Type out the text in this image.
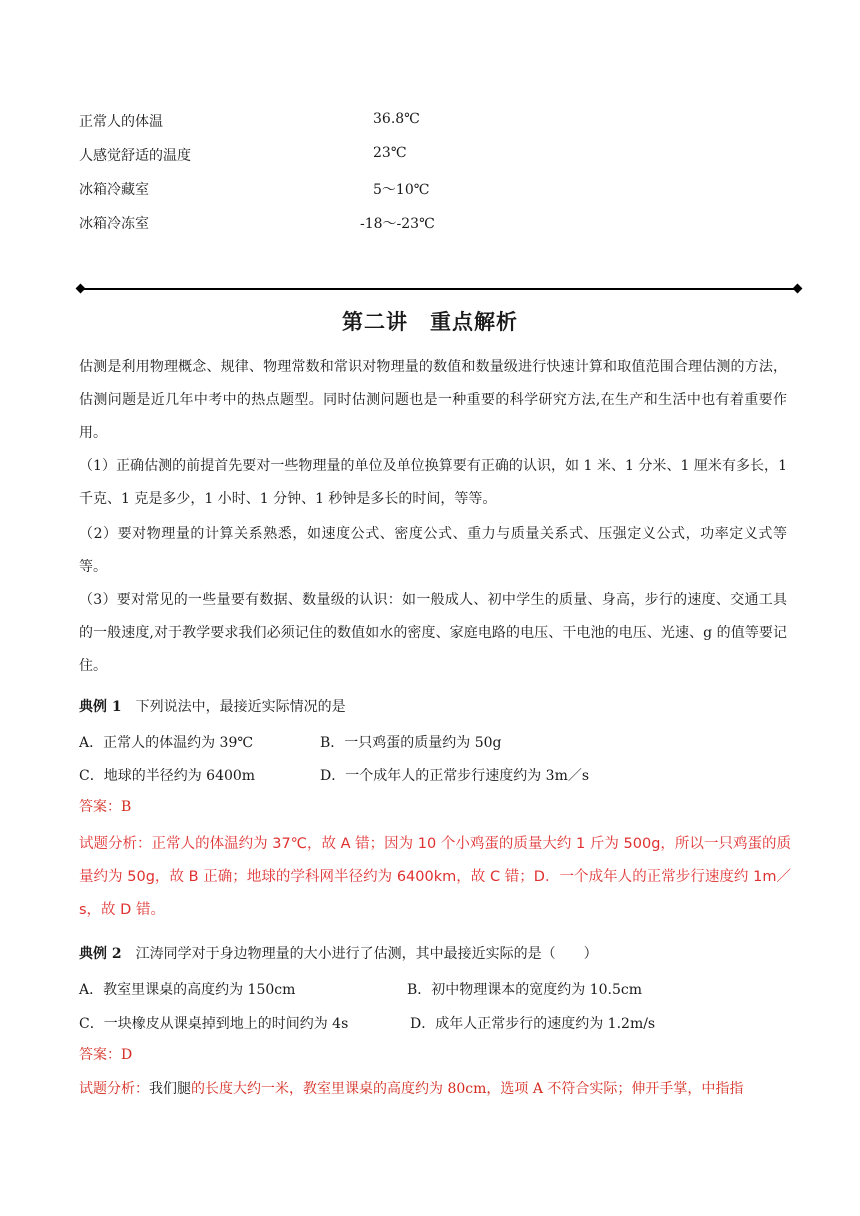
正常人的体温	36.8℃
人感觉舒适的温度	23℃
冰箱冷藏室	5～10℃
冰箱冷冻室	-18～-23℃
第二讲　重点解析
估测是利用物理概念、规律、物理常数和常识对物理量的数值和数量级进行快速计算和取值范围合理估测的方法，估测问题是近几年中考中的热点题型。同时估测问题也是一种重要的科学研究方法,在生产和生活中也有着重要作用。
（1）正确估测的前提首先要对一些物理量的单位及单位换算要有正确的认识，如 1 米、1 分米、1 厘米有多长，1 千克、1 克是多少，1 小时、1 分钟、1 秒钟是多长的时间，等等。
（2）要对物理量的计算关系熟悉，如速度公式、密度公式、重力与质量关系式、压强定义公式，功率定义式等等。
（3）要对常见的一些量要有数据、数量级的认识：如一般成人、初中学生的质量、身高，步行的速度、交通工具的一般速度,对于教学要求我们必须记住的数值如水的密度、家庭电路的电压、干电池的电压、光速、g 的值等要记住。
典例 1　 下列说法中，最接近实际情况的是
A．正常人的体温约为 39℃	B．一只鸡蛋的质量约为 50g
C．地球的半径约为 6400m	D．一个成年人的正常步行速度约为 3m／s
答案：B
试题分析：正常人的体温约为 37℃，故 A 错；因为 10 个小鸡蛋的质量大约 1 斤为 500g，所以一只鸡蛋的质量约为 50g，故 B 正确；地球的学科网半径约为 6400km，故 C 错；D．一个成年人的正常步行速度约 1m／s，故 D 错。
典例 2　 江涛同学对于身边物理量的大小进行了估测，其中最接近实际的是（　　）
A．教室里课桌的高度约为 150cm	B．初中物理课本的宽度约为 10.5cm
C．一块橡皮从课桌掉到地上的时间约为 4s	D．成年人正常步行的速度约为 1.2m/s
答案：D
试题分析：我们腿的长度大约一米，教室里课桌的高度约为 80cm，选项 A 不符合实际；伸开手掌，中指指
